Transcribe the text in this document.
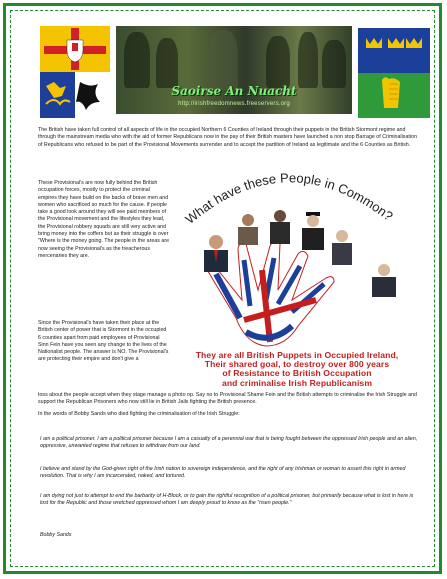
Saoirse An Nuacht
http://irishfreedomnews.freeservers.org
The British have taken full control of all aspects of life in the occupied Northern 6 Counties of Ireland through their puppets in the British Stormont regime and through the mainstream media who with the aid of former Republicans now in the pay of their British masters have launched a non stop Barrage of Criminalisation of Republicans who refused to be part of the Provisional Movements surrender and to accept the partition of Ireland as legitimate and the 6 Counties as British.
These Provisional's are now fully behind the British occupation forces, mostly to protect the criminal empires they have build on the backs of brave men and women who sacrificed so much for the cause. If people take a good look around they will see paid members of the Provisional movement and the lifestyles they lead, the Provisional robbery squads are still very active and bring money into the coffers but as their struggle is over "Where is the money going. The people in the areas are now seeing the Provisional's as the treacherous mercenaries they are.
Since the Provisional's have taken their place at the British center of power that is Stormont in the occupied 6 counties apart from paid employees of Provisional Sinn Fein have you seen any change to the lives of the Nationalist people. The answer is NO. The Provisional's are protecting their empire and don't give a
What have these People in Common?
They are all British Puppets in Occupied Ireland,
Their shared goal, to destroy over 800 years
of Resistance to British Occupation
and criminalise Irish Republicanism
toss about the people accept when they stage manage a photo op. Say no to Provisional Shame Fein and the British attempts to criminalise the Irish Struggle and support the Republican Prisoners who now still lie in British Jails fighting the British presence.
In the words of Bobby Sands who died fighting the criminalisation of the Irish Struggle:
I am a political prisoner. I am a political prisoner because I am a casualty of a perennial war that is being fought between the oppressed Irish people and an alien, oppressive, unwanted regime that refuses to withdraw from our land.
I believe and stand by the God-given right of the Irish nation to sovereign independence, and the right of any Irishman or woman to assert this right in armed revolution. That is why I am incarcerated, naked, and tortured.
I am dying not just to attempt to end the barbarity of H-Block, or to gain the rightful recognition of a political prisoner, but primarily because what is lost in here is lost for the Republic and those wretched oppressed whom I am deeply proud to know as the "risen people."
Bobby Sands
